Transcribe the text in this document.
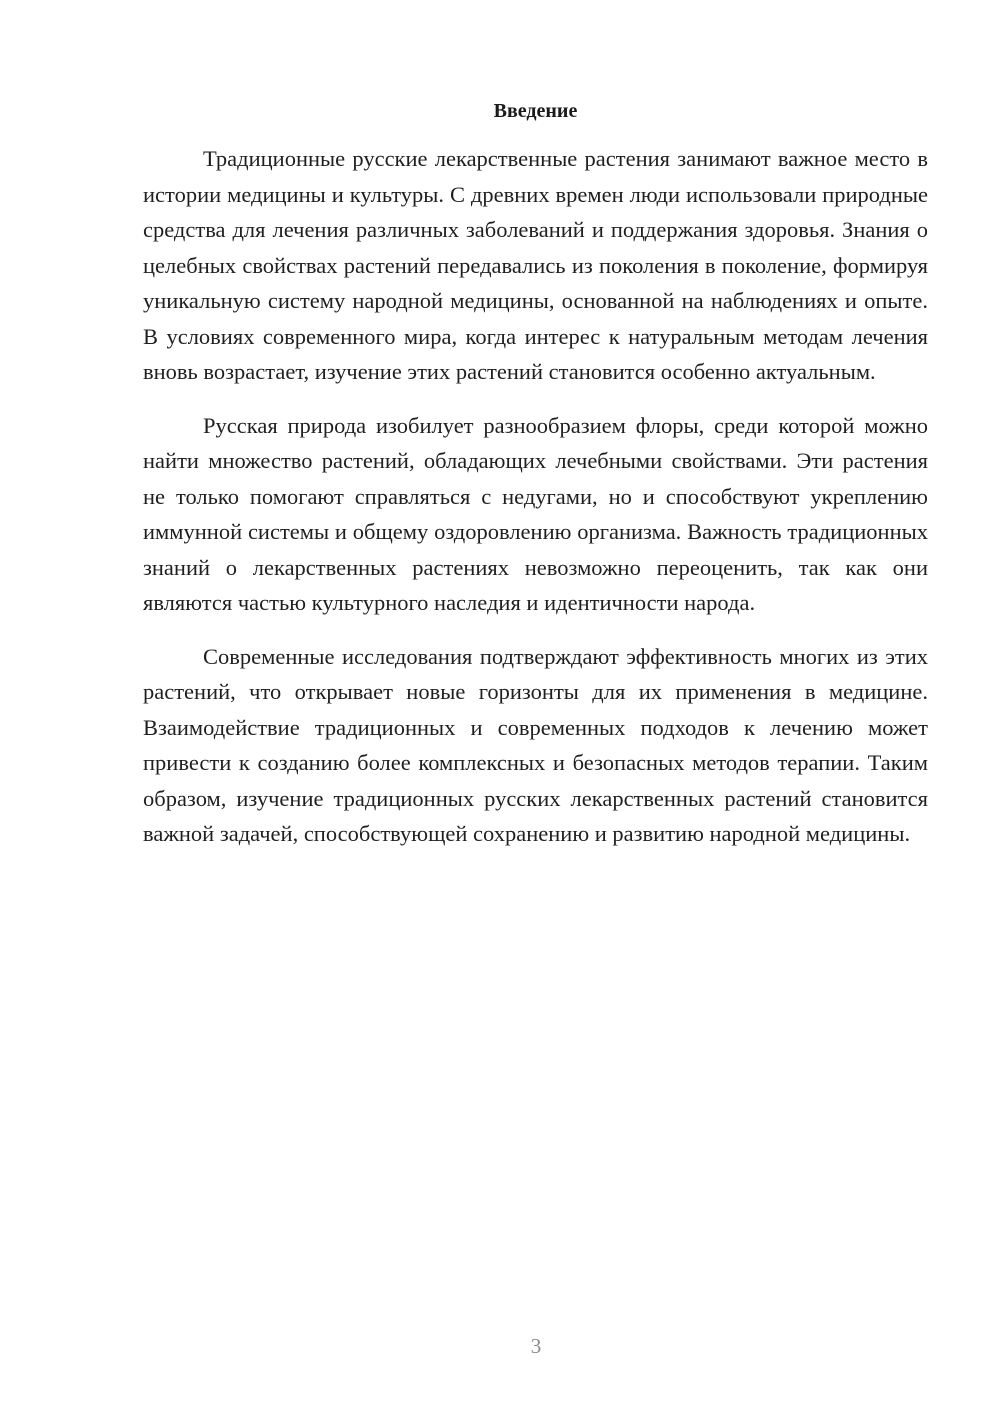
Введение

Традиционные русские лекарственные растения занимают важное место в истории медицины и культуры. С древних времен люди использовали природные средства для лечения различных заболеваний и поддержания здоровья. Знания о целебных свойствах растений передавались из поколения в поколение, формируя уникальную систему народной медицины, основанной на наблюдениях и опыте. В условиях современного мира, когда интерес к натуральным методам лечения вновь возрастает, изучение этих растений становится особенно актуальным.

Русская природа изобилует разнообразием флоры, среди которой можно найти множество растений, обладающих лечебными свойствами. Эти растения не только помогают справляться с недугами, но и способствуют укреплению иммунной системы и общему оздоровлению организма. Важность традиционных знаний о лекарственных растениях невозможно переоценить, так как они являются частью культурного наследия и идентичности народа.

Современные исследования подтверждают эффективность многих из этих растений, что открывает новые горизонты для их применения в медицине. Взаимодействие традиционных и современных подходов к лечению может привести к созданию более комплексных и безопасных методов терапии. Таким образом, изучение традиционных русских лекарственных растений становится важной задачей, способствующей сохранению и развитию народной медицины.

3
